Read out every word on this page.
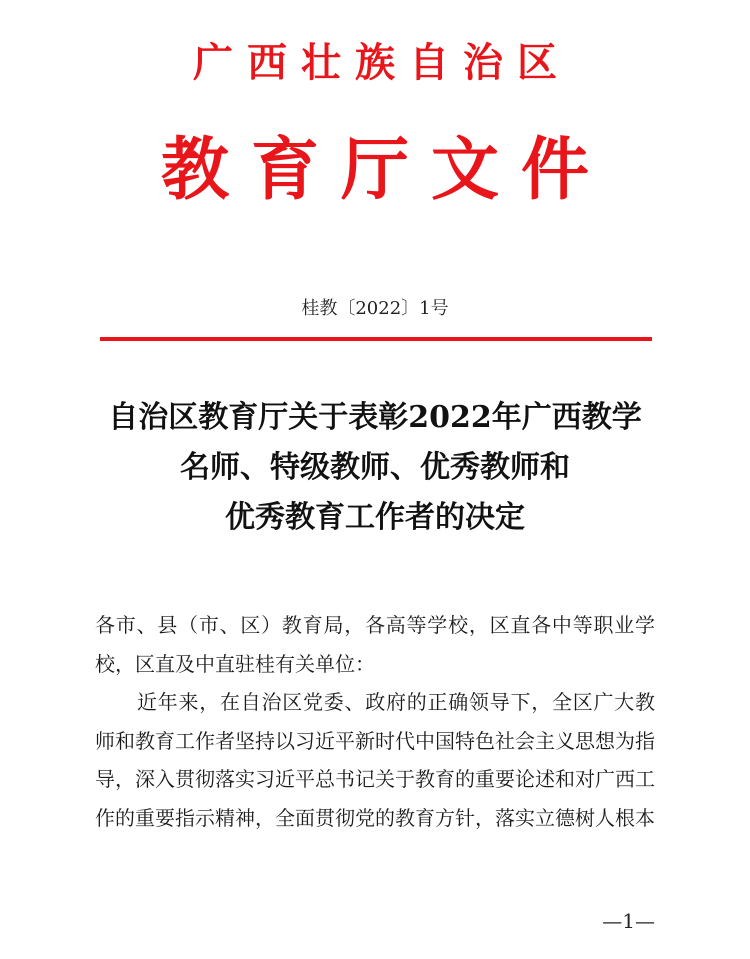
广西壮族自治区
教育厅文件
桂教〔2022〕1号
自治区教育厅关于表彰2022年广西教学
名师、特级教师、优秀教师和
优秀教育工作者的决定

各市、县（市、区）教育局，各高等学校，区直各中等职业学校，区直及中直驻桂有关单位：

近年来，在自治区党委、政府的正确领导下，全区广大教师和教育工作者坚持以习近平新时代中国特色社会主义思想为指导，深入贯彻落实习近平总书记关于教育的重要论述和对广西工作的重要指示精神，全面贯彻党的教育方针，落实立德树人根本

—1—
